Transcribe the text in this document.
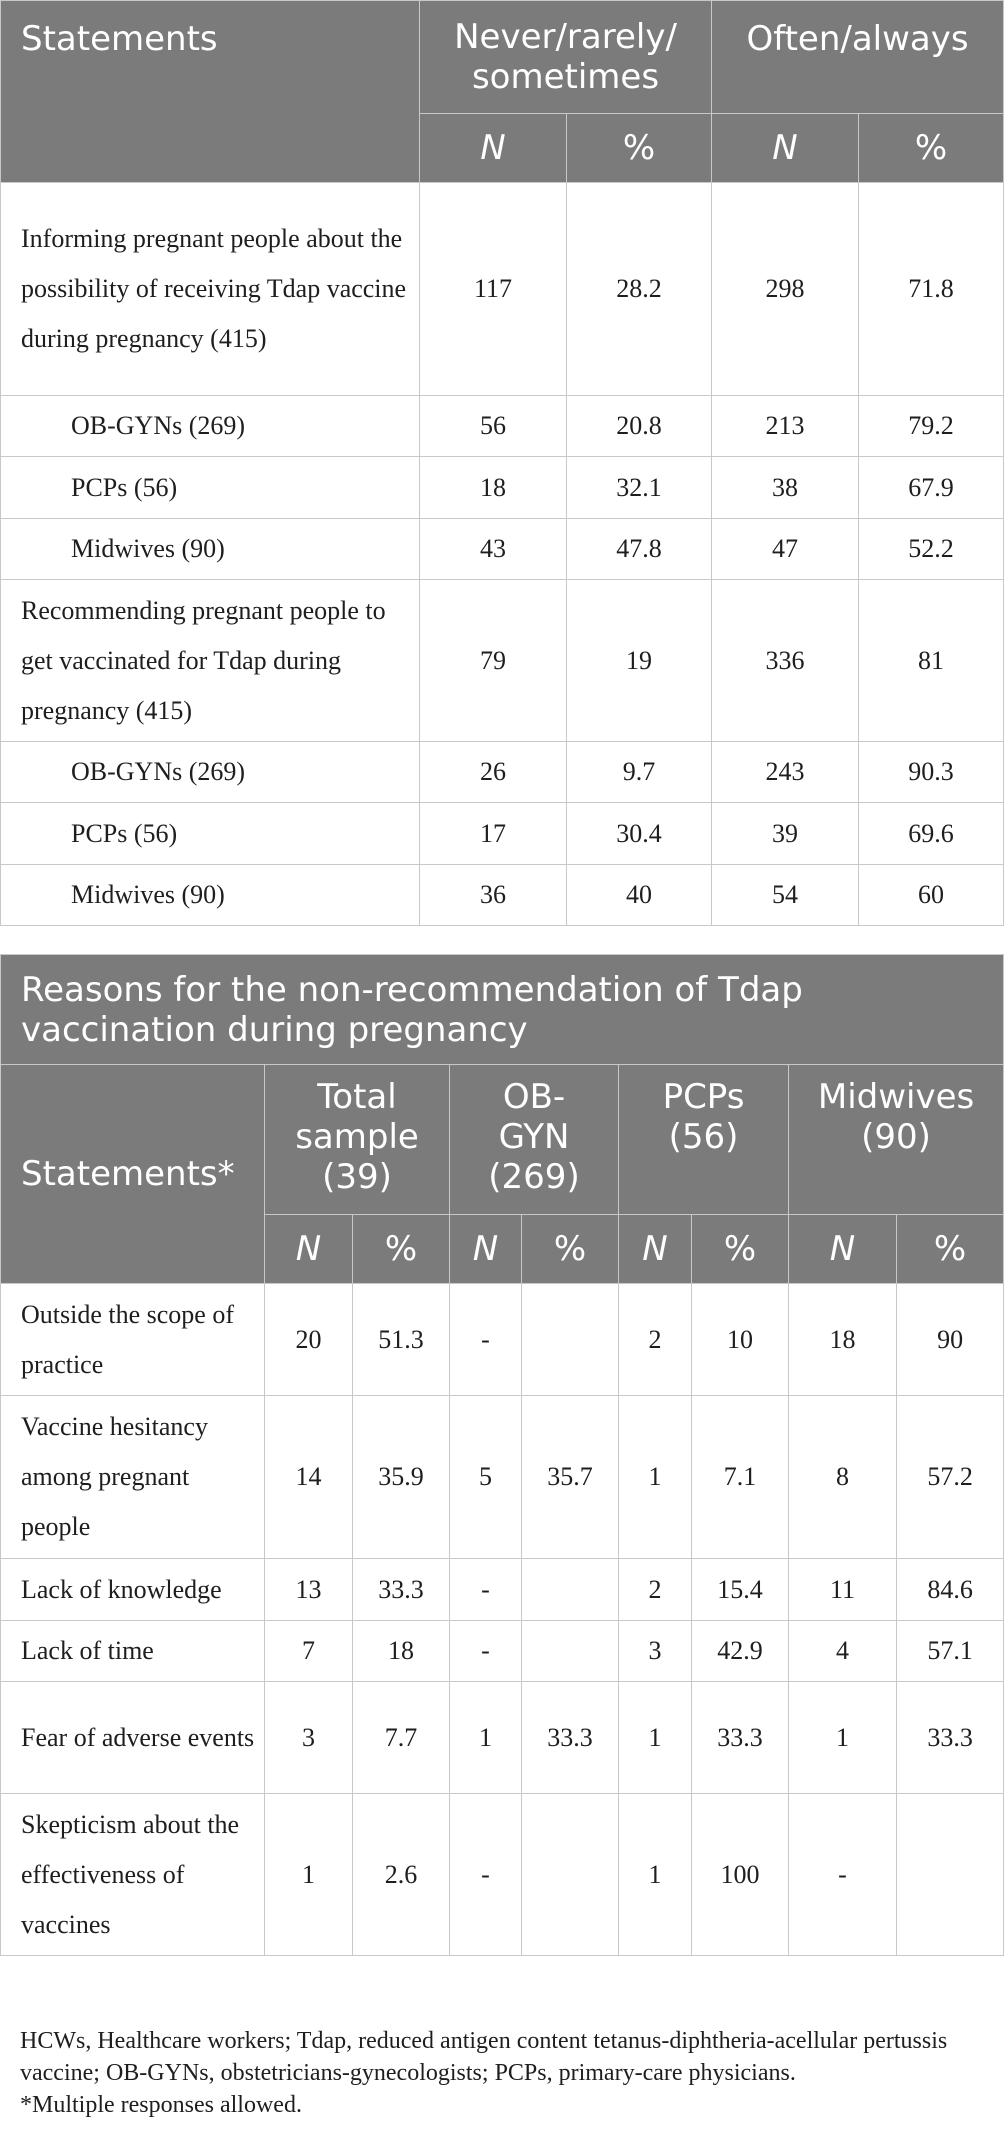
Statements	Never/rarely/ sometimes		Often/always	
	N	%	N	%
Informing pregnant people about the possibility of receiving Tdap vaccine during pregnancy (415)	117	28.2	298	71.8
OB-GYNs (269)	56	20.8	213	79.2
PCPs (56)	18	32.1	38	67.9
Midwives (90)	43	47.8	47	52.2
Recommending pregnant people to get vaccinated for Tdap during pregnancy (415)	79	19	336	81
OB-GYNs (269)	26	9.7	243	90.3
PCPs (56)	17	30.4	39	69.6
Midwives (90)	36	40	54	60
Reasons for the non-recommendation of Tdap vaccination during pregnancy								
Statements*	Total sample (39)		OB-GYN (269)		PCPs (56)		Midwives (90)	
	N	%	N	%	N	%	N	%
Outside the scope of practice	20	51.3	-		2	10	18	90
Vaccine hesitancy among pregnant people	14	35.9	5	35.7	1	7.1	8	57.2
Lack of knowledge	13	33.3	-		2	15.4	11	84.6
Lack of time	7	18	-		3	42.9	4	57.1
Fear of adverse events	3	7.7	1	33.3	1	33.3	1	33.3
Skepticism about the effectiveness of vaccines	1	2.6	-		1	100	-	

HCWs, Healthcare workers; Tdap, reduced antigen content tetanus-diphtheria-acellular pertussis vaccine; OB-GYNs, obstetricians-gynecologists; PCPs, primary-care physicians.

*Multiple responses allowed.
